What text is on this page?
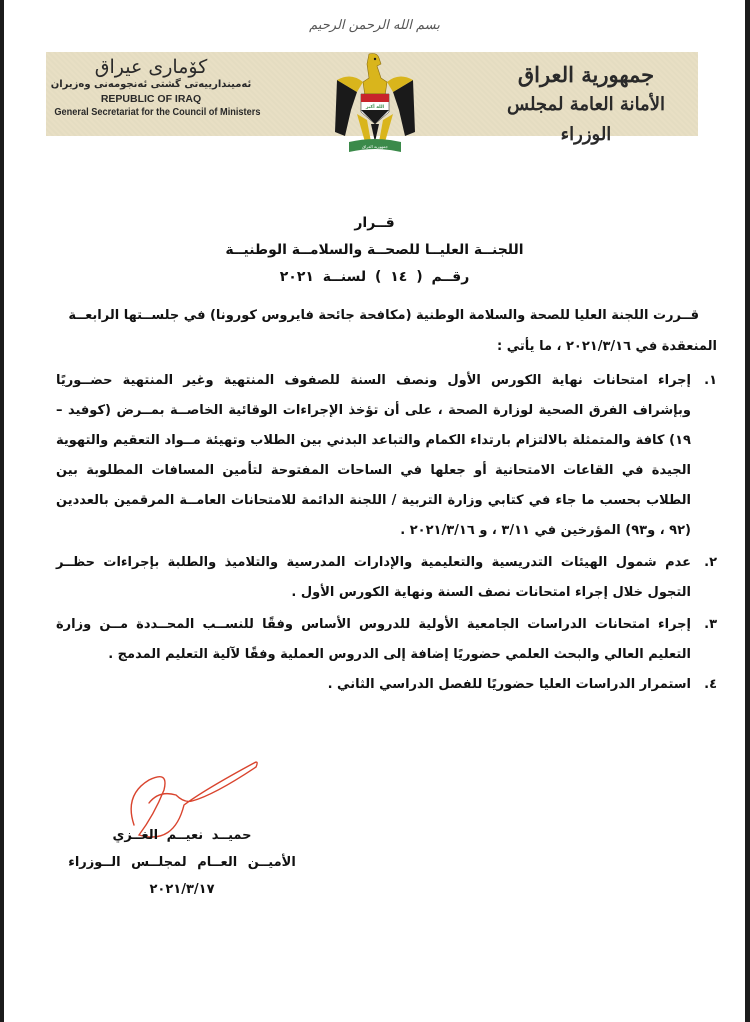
بسم الله الرحمن الرحيم
كۆماری عیراق
ئەمیندارییەتی گشتی ئەنجومەنی وەزیران
REPUBLIC OF IRAQ
General Secretariat for the Council of Ministers
جمهورية العراق
الأمانة العامة لمجلس الوزراء
الله أكبر
جمهورية العراق
قــرار
اللجنــة العليــا للصحــة والسلامــة الوطنيــة
رقــم ( ١٤ ) لسنــة ٢٠٢١
قــررت اللجنة العليا للصحة والسلامة الوطنية (مكافحة جائحة فايروس كورونا) في جلســتها الرابعــة
المنعقدة في ٢٠٢١/٣/١٦ ، ما يأتي :
١.
إجراء امتحانات نهاية الكورس الأول ونصف السنة للصفوف المنتهية وغير المنتهية حضــوريًا وبإشراف الفرق الصحية لوزارة الصحة ، على أن تؤخذ الإجراءات الوقائية الخاصــة بمــرض (كوفيد – ١٩) كافة والمتمثلة بالالتزام بارتداء الكمام والتباعد البدني بين الطلاب وتهيئة مــواد التعقيم والتهوية الجيدة في القاعات الامتحانية أو جعلها في الساحات المفتوحة لتأمين المسافات المطلوبة بين الطلاب بحسب ما جاء في كتابي وزارة التربية / اللجنة الدائمة للامتحانات العامــة المرقمين بالعددين (٩٢ ، و٩٣) المؤرخين في ٣/١١ ، و ٢٠٢١/٣/١٦ .
٢.
عدم شمول الهيئات التدريسية والتعليمية والإدارات المدرسية والتلاميذ والطلبة بإجراءات حظــر التجول خلال إجراء امتحانات نصف السنة ونهاية الكورس الأول .
٣.
إجراء امتحانات الدراسات الجامعية الأولية للدروس الأساس وفقًا للنســب المحــددة مــن وزارة التعليم العالي والبحث العلمي حضوريًا إضافة إلى الدروس العملية وفقًا لآلية التعليم المدمج .
٤.
استمرار الدراسات العليا حضوريًا للفصل الدراسي الثاني .
حميــد نعيــم الغــزي
الأميــن العــام لمجلــس الــوزراء
٢٠٢١/٣/١٧
